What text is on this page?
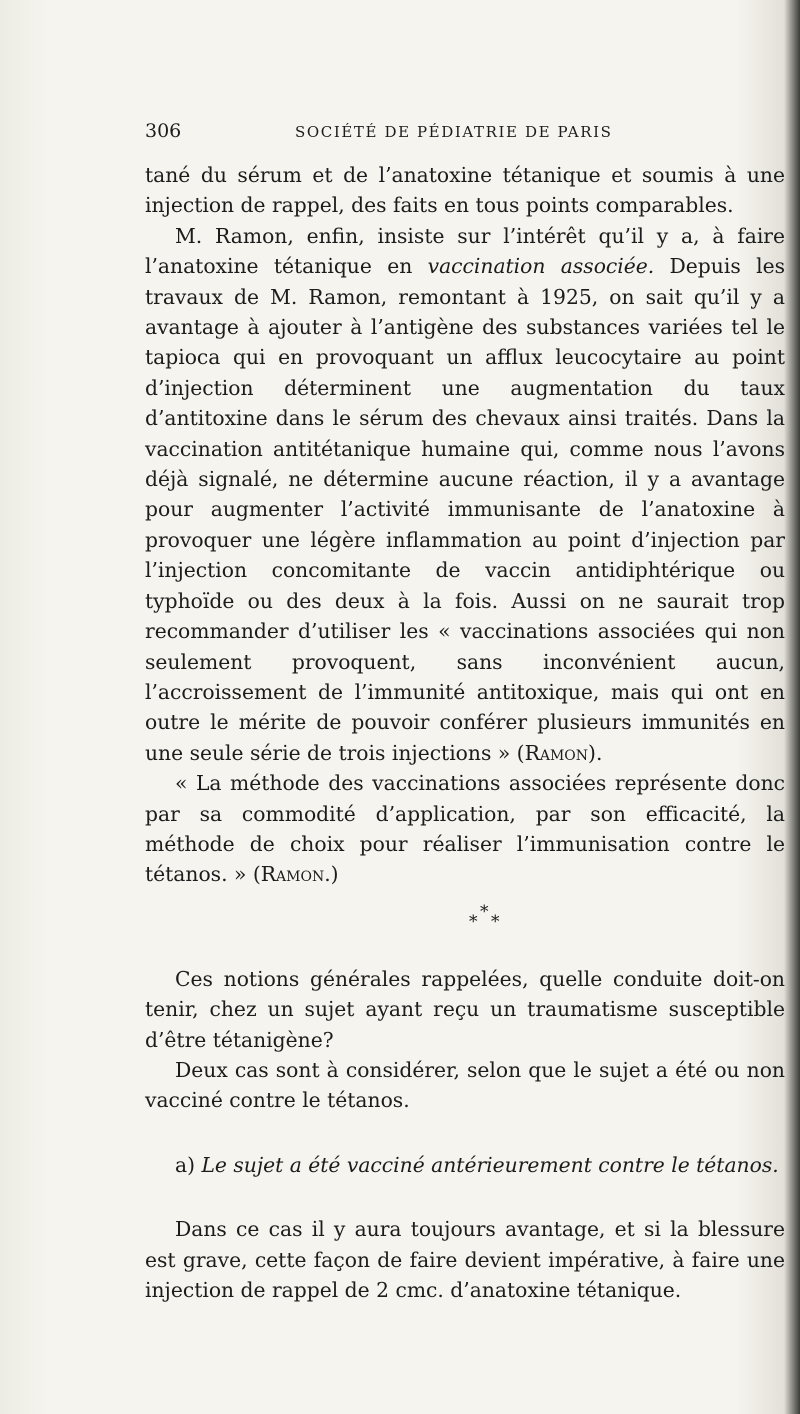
306	SOCIÉTÉ DE PÉDIATRIE DE PARIS

tané du sérum et de l’anatoxine tétanique et soumis à une injection de rappel, des faits en tous points comparables.

M. Ramon, enfin, insiste sur l’intérêt qu’il y a, à faire l’anatoxine tétanique en vaccination associée. Depuis les travaux de M. Ramon, remontant à 1925, on sait qu’il y a avantage à ajouter à l’antigène des substances variées tel le tapioca qui en provoquant un afflux leucocytaire au point d’injection déterminent une augmentation du taux d’antitoxine dans le sérum des chevaux ainsi traités. Dans la vaccination antitétanique humaine qui, comme nous l’avons déjà signalé, ne détermine aucune réaction, il y a avantage pour augmenter l’activité immunisante de l’anatoxine à provoquer une légère inflammation au point d’injection par l’injection concomitante de vaccin antidiphtérique ou typhoïde ou des deux à la fois. Aussi on ne saurait trop recommander d’utiliser les « vaccinations associées qui non seulement provoquent, sans inconvénient aucun, l’accroissement de l’immunité antitoxique, mais qui ont en outre le mérite de pouvoir conférer plusieurs immunités en une seule série de trois injections » (Ramon).

« La méthode des vaccinations associées représente donc par sa commodité d’application, par son efficacité, la méthode de choix pour réaliser l’immunisation contre le tétanos. » (Ramon.)

*
* *

Ces notions générales rappelées, quelle conduite doit-on tenir, chez un sujet ayant reçu un traumatisme susceptible d’être tétanigène?

Deux cas sont à considérer, selon que le sujet a été ou non vacciné contre le tétanos.

a) Le sujet a été vacciné antérieurement contre le tétanos.

Dans ce cas il y aura toujours avantage, et si la blessure est grave, cette façon de faire devient impérative, à faire une injection de rappel de 2 cmc. d’anatoxine tétanique.
